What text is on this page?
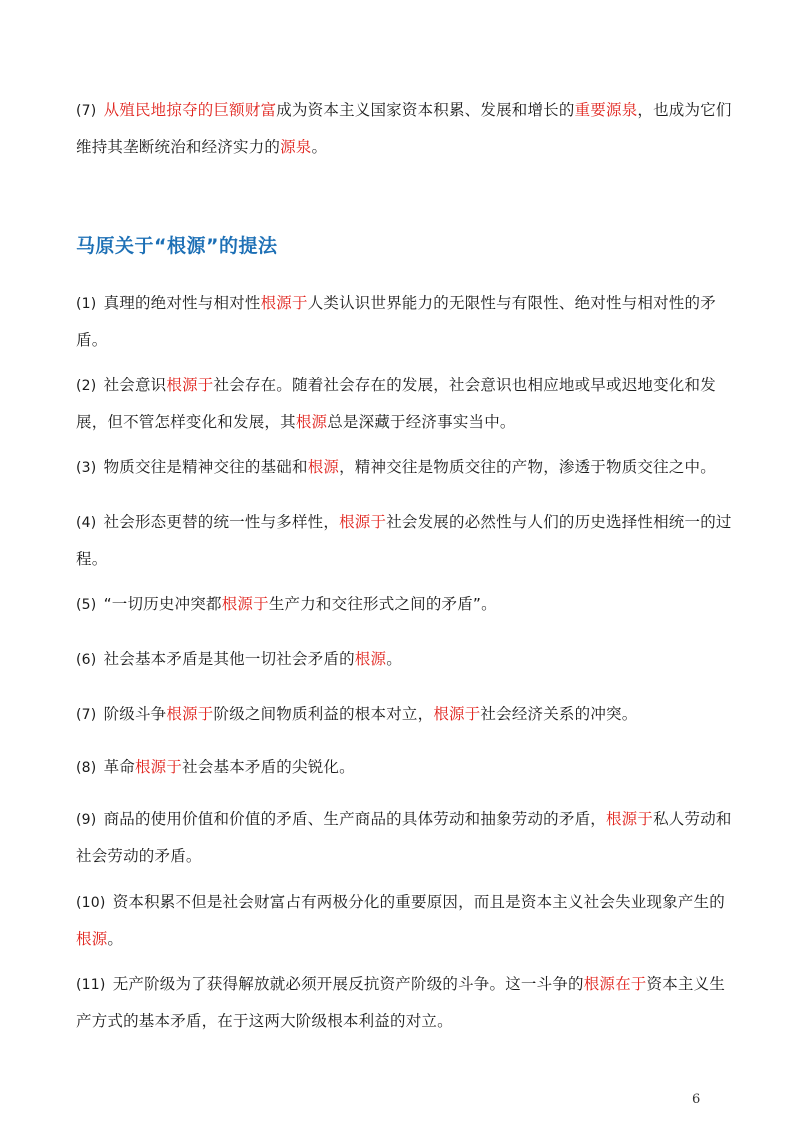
(7) 从殖民地掠夺的巨额财富成为资本主义国家资本积累、发展和增长的重要源泉，也成为它们维持其垄断统治和经济实力的源泉。

马原关于“根源”的提法

(1) 真理的绝对性与相对性根源于人类认识世界能力的无限性与有限性、绝对性与相对性的矛盾。

(2) 社会意识根源于社会存在。随着社会存在的发展，社会意识也相应地或早或迟地变化和发展，但不管怎样变化和发展，其根源总是深藏于经济事实当中。

(3) 物质交往是精神交往的基础和根源，精神交往是物质交往的产物，渗透于物质交往之中。

(4) 社会形态更替的统一性与多样性，根源于社会发展的必然性与人们的历史选择性相统一的过程。

(5) “一切历史冲突都根源于生产力和交往形式之间的矛盾”。

(6) 社会基本矛盾是其他一切社会矛盾的根源。

(7) 阶级斗争根源于阶级之间物质利益的根本对立，根源于社会经济关系的冲突。

(8) 革命根源于社会基本矛盾的尖锐化。

(9) 商品的使用价值和价值的矛盾、生产商品的具体劳动和抽象劳动的矛盾，根源于私人劳动和社会劳动的矛盾。

(10) 资本积累不但是社会财富占有两极分化的重要原因，而且是资本主义社会失业现象产生的根源。

(11) 无产阶级为了获得解放就必须开展反抗资产阶级的斗争。这一斗争的根源在于资本主义生产方式的基本矛盾，在于这两大阶级根本利益的对立。

6
